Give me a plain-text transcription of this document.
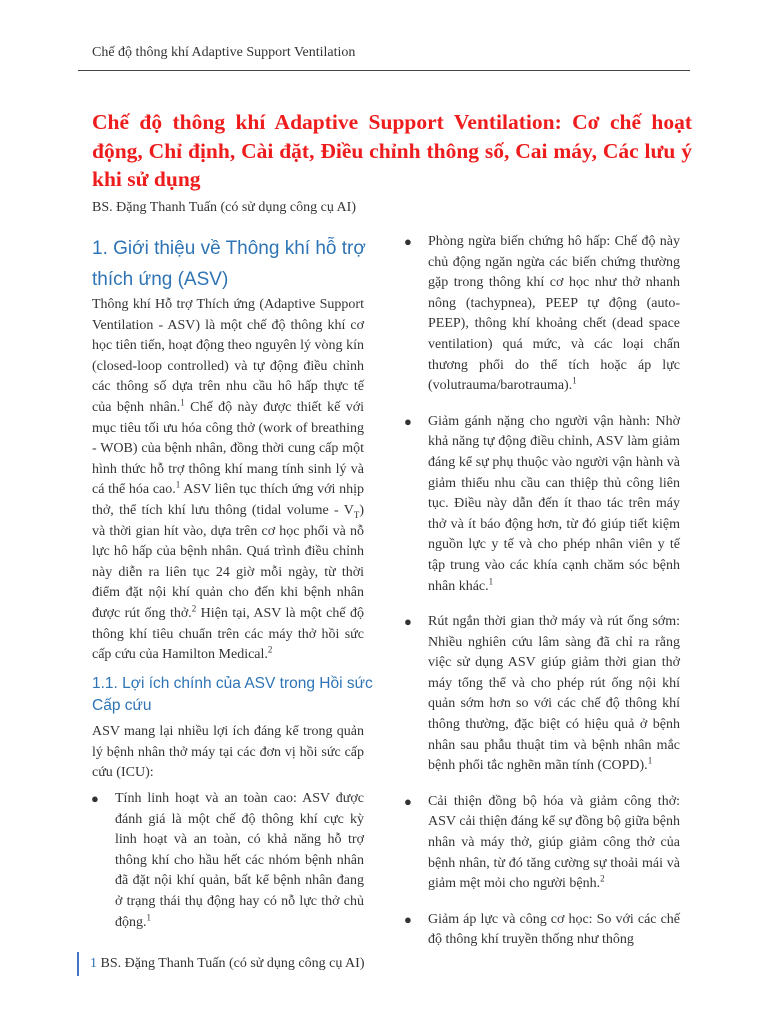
Chế độ thông khí Adaptive Support Ventilation
Chế độ thông khí Adaptive Support Ventilation: Cơ chế hoạt động, Chỉ định, Cài đặt, Điều chỉnh thông số, Cai máy, Các lưu ý khi sử dụng
BS. Đặng Thanh Tuấn (có sử dụng công cụ AI)
1. Giới thiệu về Thông khí hỗ trợ thích ứng (ASV)

Thông khí Hỗ trợ Thích ứng (Adaptive Support Ventilation - ASV) là một chế độ thông khí cơ học tiên tiến, hoạt động theo nguyên lý vòng kín (closed-loop controlled) và tự động điều chỉnh các thông số dựa trên nhu cầu hô hấp thực tế của bệnh nhân.$^1$ Chế độ này được thiết kế với mục tiêu tối ưu hóa công thở (work of breathing - WOB) của bệnh nhân, đồng thời cung cấp một hình thức hỗ trợ thông khí mang tính sinh lý và cá thể hóa cao.$^1$ ASV liên tục thích ứng với nhịp thở, thể tích khí lưu thông (tidal volume - $V_T$) và thời gian hít vào, dựa trên cơ học phổi và nỗ lực hô hấp của bệnh nhân. Quá trình điều chỉnh này diễn ra liên tục 24 giờ mỗi ngày, từ thời điểm đặt nội khí quản cho đến khi bệnh nhân được rút ống thở.$^2$ Hiện tại, ASV là một chế độ thông khí tiêu chuẩn trên các máy thở hồi sức cấp cứu của Hamilton Medical.$^2$

1.1. Lợi ích chính của ASV trong Hồi sức Cấp cứu

ASV mang lại nhiều lợi ích đáng kể trong quản lý bệnh nhân thở máy tại các đơn vị hồi sức cấp cứu (ICU):

● Tính linh hoạt và an toàn cao: ASV được đánh giá là một chế độ thông khí cực kỳ linh hoạt và an toàn, có khả năng hỗ trợ thông khí cho hầu hết các nhóm bệnh nhân đã đặt nội khí quản, bất kể bệnh nhân đang ở trạng thái thụ động hay có nỗ lực thở chủ động.$^1$
● Phòng ngừa biến chứng hô hấp: Chế độ này chủ động ngăn ngừa các biến chứng thường gặp trong thông khí cơ học như thở nhanh nông (tachypnea), PEEP tự động (auto-PEEP), thông khí khoảng chết (dead space ventilation) quá mức, và các loại chấn thương phổi do thể tích hoặc áp lực (volutrauma/barotrauma).$^1$
● Giảm gánh nặng cho người vận hành: Nhờ khả năng tự động điều chỉnh, ASV làm giảm đáng kể sự phụ thuộc vào người vận hành và giảm thiểu nhu cầu can thiệp thủ công liên tục. Điều này dẫn đến ít thao tác trên máy thở và ít báo động hơn, từ đó giúp tiết kiệm nguồn lực y tế và cho phép nhân viên y tế tập trung vào các khía cạnh chăm sóc bệnh nhân khác.$^1$
● Rút ngắn thời gian thở máy và rút ống sớm: Nhiều nghiên cứu lâm sàng đã chỉ ra rằng việc sử dụng ASV giúp giảm thời gian thở máy tổng thể và cho phép rút ống nội khí quản sớm hơn so với các chế độ thông khí thông thường, đặc biệt có hiệu quả ở bệnh nhân sau phẫu thuật tim và bệnh nhân mắc bệnh phổi tắc nghẽn mãn tính (COPD).$^1$
● Cải thiện đồng bộ hóa và giảm công thở: ASV cải thiện đáng kể sự đồng bộ giữa bệnh nhân và máy thở, giúp giảm công thở của bệnh nhân, từ đó tăng cường sự thoải mái và giảm mệt mỏi cho người bệnh.$^2$
● Giảm áp lực và công cơ học: So với các chế độ thông khí truyền thống như thông
1 BS. Đặng Thanh Tuấn (có sử dụng công cụ AI)
